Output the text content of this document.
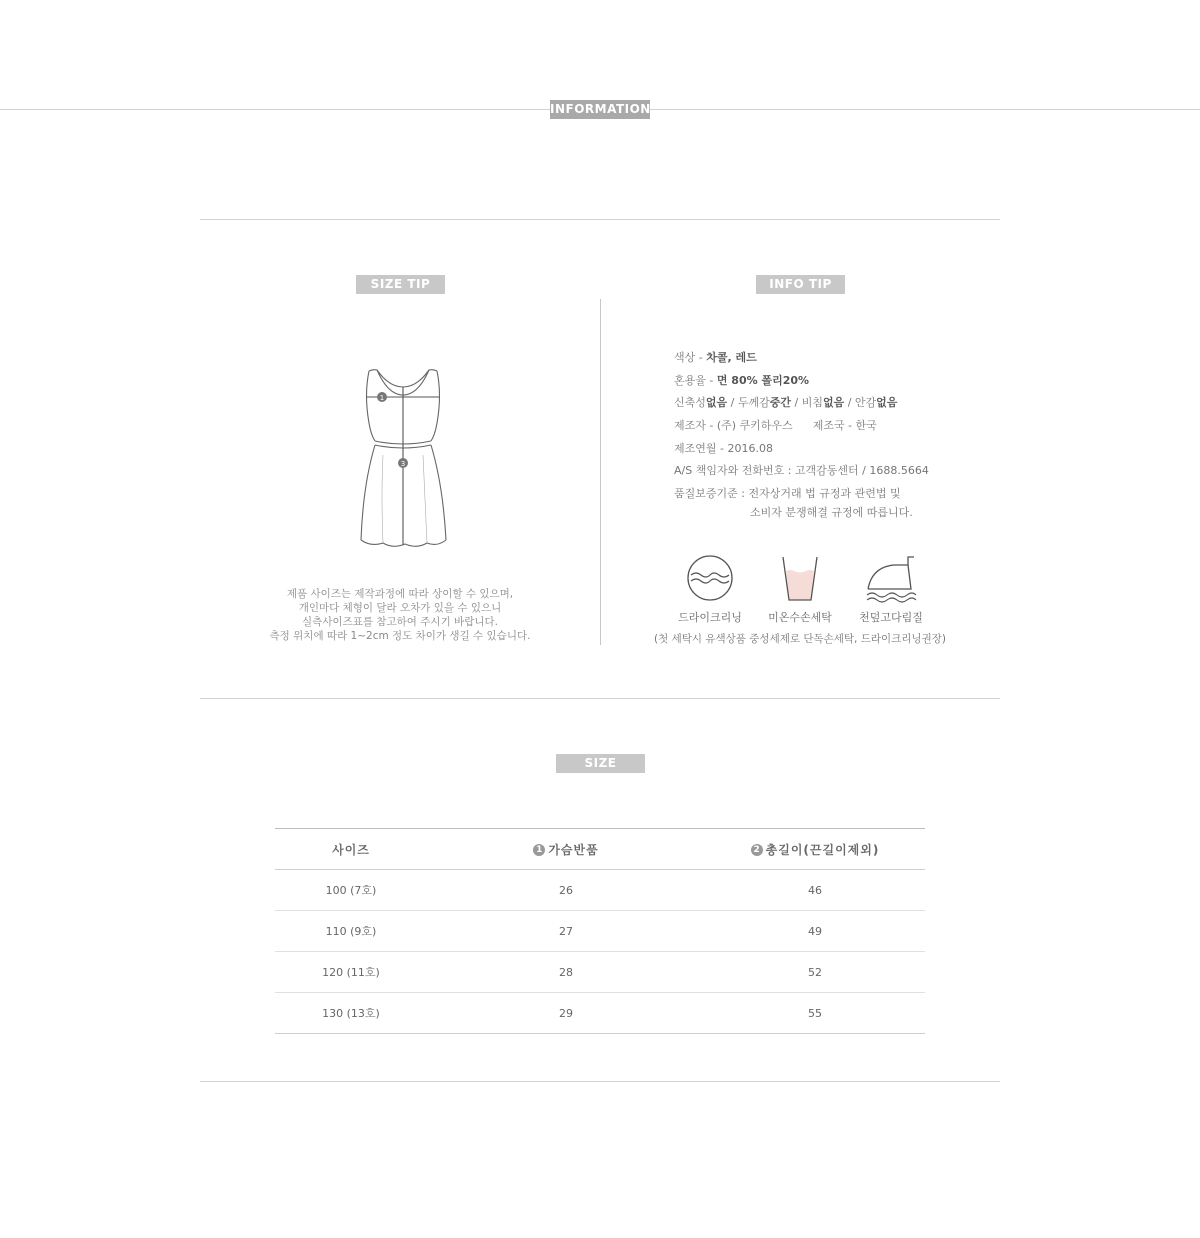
INFORMATION
SIZE TIP
1
3
제품 사이즈는 제작과정에 따라 상이할 수 있으며,
개인마다 체형이 달라 오차가 있을 수 있으니
실측사이즈표를 참고하여 주시기 바랍니다.
측정 위치에 따라 1~2cm 정도 차이가 생길 수 있습니다.
INFO TIP
색상 - 차콜, 레드
혼용율 - 면 80% 폴리20%
신축성없음 / 두께감중간 / 비침없음 / 안감없음
제조자 - (주) 쿠키하우스 제조국 - 한국
제조연월 - 2016.08
A/S 책임자와 전화번호 : 고객감동센터 / 1688.5664
품질보증기준 : 전자상거래 법 규정과 관련법 및
소비자 분쟁해결 규정에 따릅니다.
드라이크리닝	미온수손세탁	천덮고다림질
(첫 세탁시 유색상품 중성세제로 단독손세탁, 드라이크리닝권장)
SIZE
사이즈	1 가슴반품	2 총길이(끈길이제외)
100 (7호)	26	46
110 (9호)	27	49
120 (11호)	28	52
130 (13호)	29	55
